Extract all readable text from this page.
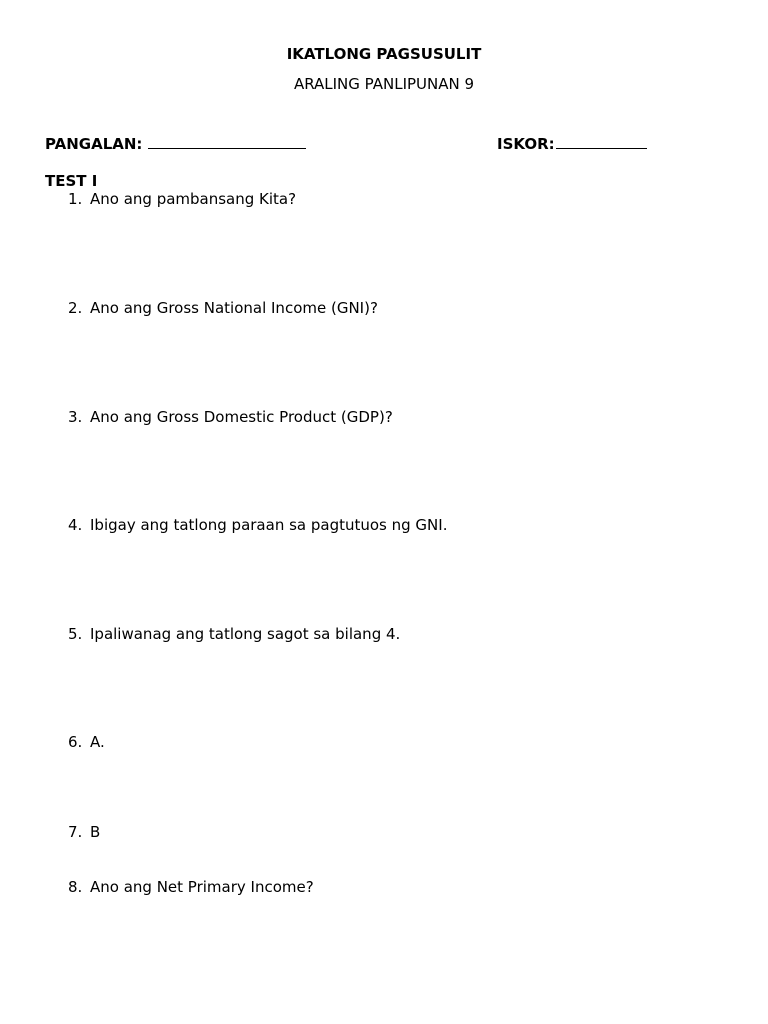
IKATLONG PAGSUSULIT
ARALING PANLIPUNAN 9
PANGALAN:	ISKOR:
TEST I
1. Ano ang pambansang Kita?
2. Ano ang Gross National Income (GNI)?
3. Ano ang Gross Domestic Product (GDP)?
4. Ibigay ang tatlong paraan sa pagtutuos ng GNI.
5. Ipaliwanag ang tatlong sagot sa bilang 4.
6. A.
7. B
8. Ano ang Net Primary Income?
